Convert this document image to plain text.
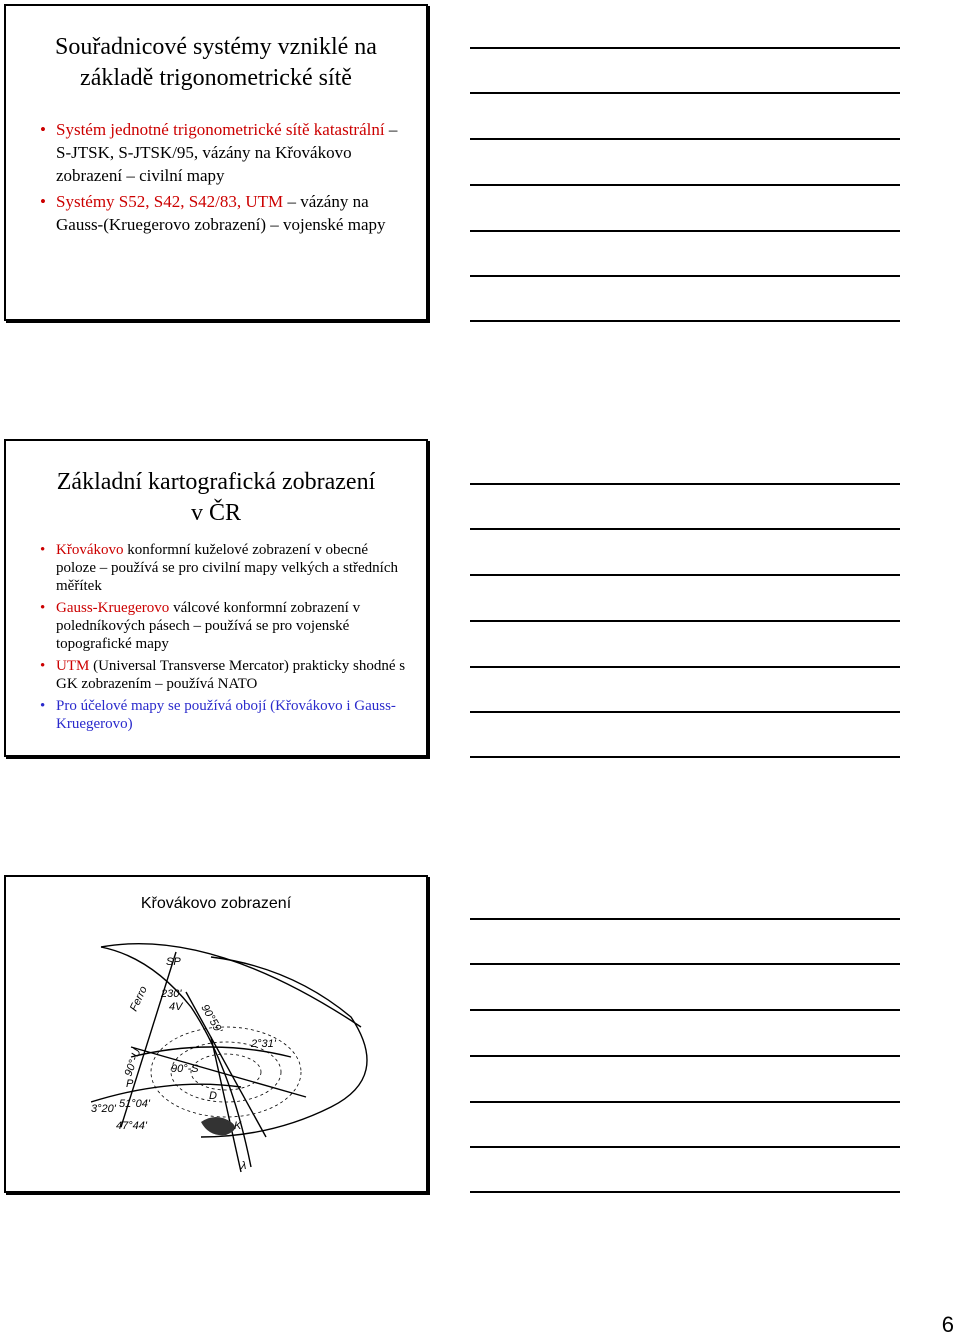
Souřadnicové systémy vzniklé na
základě trigonometrické sítě
• Systém jednotné trigonometrické sítě katastrální – S-JTSK, S-JTSK/95, vázány na Křovákovo zobrazení – civilní mapy
• Systémy S52, S42, S42/83, UTM – vázány na Gauss-(Kruegerovo zobrazení) – vojenské mapy
Základní kartografická zobrazení
v ČR
• Křovákovo konformní kuželové zobrazení v obecné poloze – používá se pro civilní mapy velkých a středních měřítek
• Gauss-Kruegerovo válcové konformní zobrazení v poledníkových pásech – používá se pro vojenské topografické mapy
• UTM (Universal Transverse Mercator) prakticky shodné s GK zobrazením – používá NATO
• Pro účelové mapy se používá obojí (Křovákovo i Gauss-Kruegerovo)
Křovákovo zobrazení
SP
Ferro 230'
4V 90°59'
2°31'
90°-U	90°-S
P
D
3°20' 51°04'
47°44'	K
λ
6
